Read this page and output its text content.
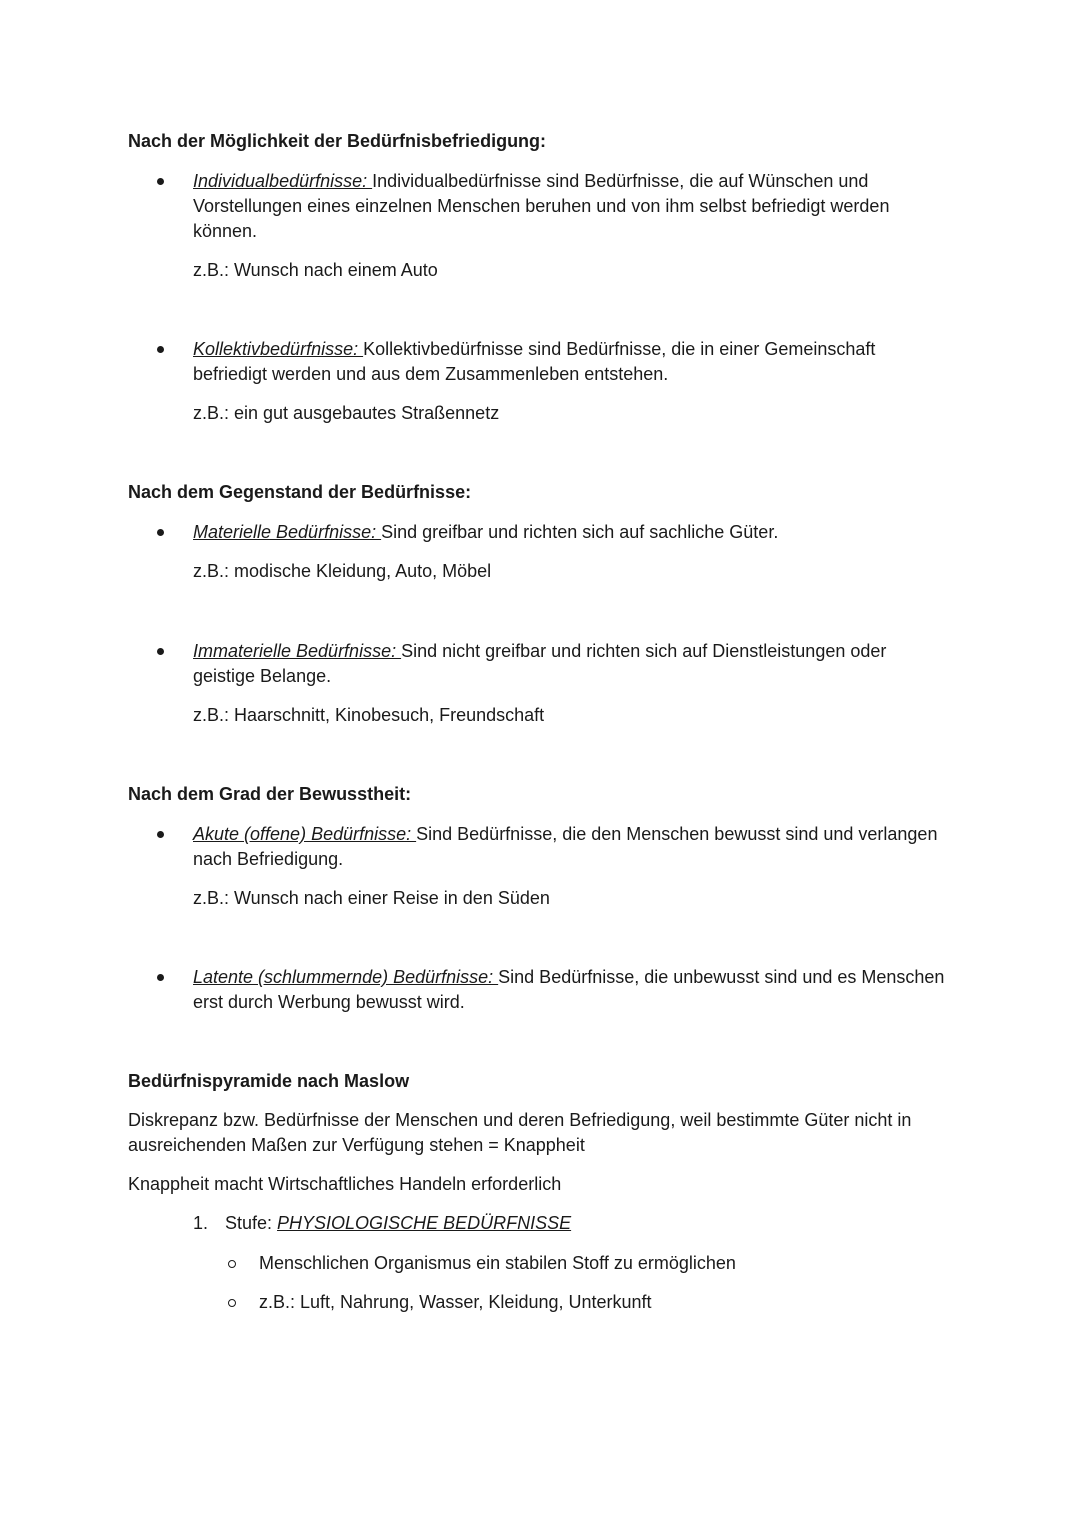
Nach der Möglichkeit der Bedürfnisbefriedigung:
Individualbedürfnisse: Individualbedürfnisse sind Bedürfnisse, die auf Wünschen und Vorstellungen eines einzelnen Menschen beruhen und von ihm selbst befriedigt werden können.
z.B.: Wunsch nach einem Auto
Kollektivbedürfnisse: Kollektivbedürfnisse sind Bedürfnisse, die in einer Gemeinschaft befriedigt werden und aus dem Zusammenleben entstehen.
z.B.: ein gut ausgebautes Straßennetz
Nach dem Gegenstand der Bedürfnisse:
Materielle Bedürfnisse: Sind greifbar und richten sich auf sachliche Güter.
z.B.: modische Kleidung, Auto, Möbel
Immaterielle Bedürfnisse: Sind nicht greifbar und richten sich auf Dienstleistungen oder geistige Belange.
z.B.: Haarschnitt, Kinobesuch, Freundschaft
Nach dem Grad der Bewusstheit:
Akute (offene) Bedürfnisse: Sind Bedürfnisse, die den Menschen bewusst sind und verlangen nach Befriedigung.
z.B.: Wunsch nach einer Reise in den Süden
Latente (schlummernde) Bedürfnisse: Sind Bedürfnisse, die unbewusst sind und es Menschen erst durch Werbung bewusst wird.
Bedürfnispyramide nach Maslow
Diskrepanz bzw. Bedürfnisse der Menschen und deren Befriedigung, weil bestimmte Güter nicht in ausreichenden Maßen zur Verfügung stehen = Knappheit
Knappheit macht Wirtschaftliches Handeln erforderlich
1. Stufe: PHYSIOLOGISCHE BEDÜRFNISSE
Menschlichen Organismus ein stabilen Stoff zu ermöglichen
z.B.: Luft, Nahrung, Wasser, Kleidung, Unterkunft
